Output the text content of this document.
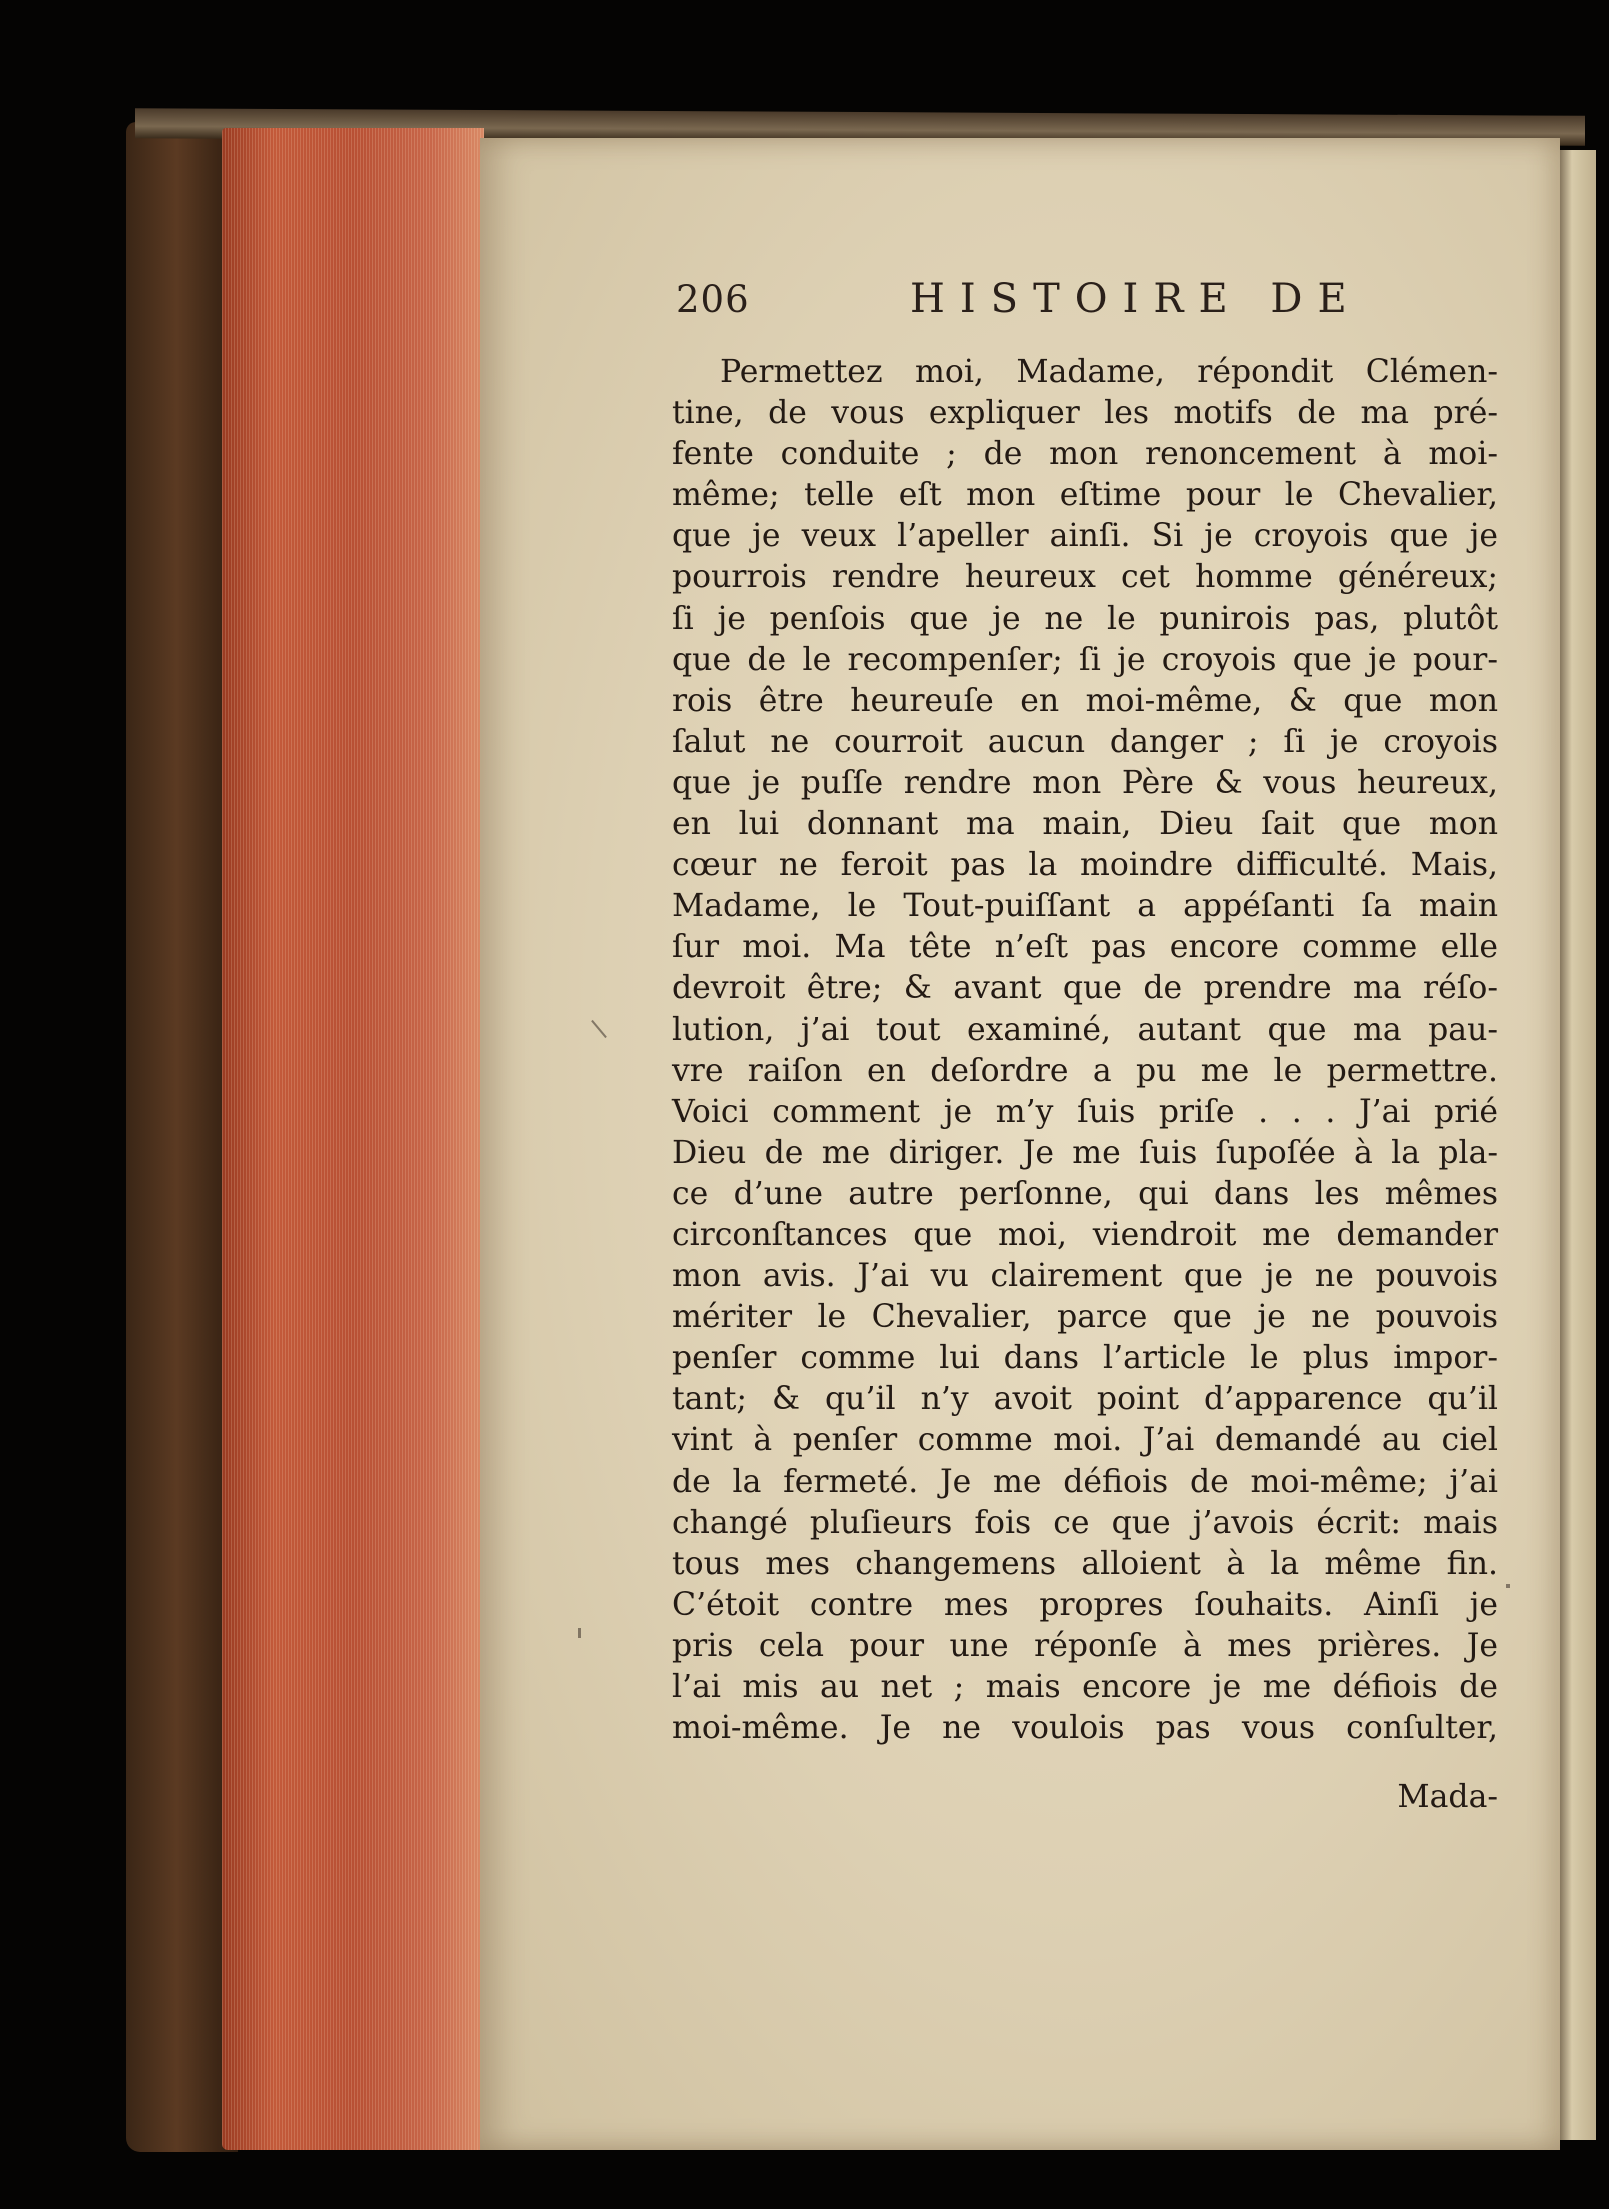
206	HISTOIRE DE
Permettez moi, Madame, répondit Clémen-
tine, de vous expliquer les motifs de ma pré-
fente conduite ; de mon renoncement à moi-
même; telle eſt mon eſtime pour le Chevalier,
que je veux l’apeller ainſi. Si je croyois que je
pourrois rendre heureux cet homme généreux;
ſi je penſois que je ne le punirois pas, plutôt
que de le recompenſer; ſi je croyois que je pour-
rois être heureuſe en moi-même, & que mon
ſalut ne courroit aucun danger ; ſi je croyois
que je puſſe rendre mon Père & vous heureux,
en lui donnant ma main, Dieu ſait que mon
cœur ne feroit pas la moindre difficulté. Mais,
Madame, le Tout-puiſſant a appéſanti ſa main
ſur moi. Ma tête n’eſt pas encore comme elle
devroit être; & avant que de prendre ma réſo-
lution, j’ai tout examiné, autant que ma pau-
vre raiſon en deſordre a pu me le permettre.
Voici comment je m’y ſuis priſe . . . J’ai prié
Dieu de me diriger. Je me ſuis ſupoſée à la pla-
ce d’une autre perſonne, qui dans les mêmes
circonſtances que moi, viendroit me demander
mon avis. J’ai vu clairement que je ne pouvois
mériter le Chevalier, parce que je ne pouvois
penſer comme lui dans l’article le plus impor-
tant; & qu’il n’y avoit point d’apparence qu’il
vint à penſer comme moi. J’ai demandé au ciel
de la fermeté. Je me défiois de moi-même; j’ai
changé pluſieurs fois ce que j’avois écrit: mais
tous mes changemens alloient à la même fin.
C’étoit contre mes propres ſouhaits. Ainſi je
pris cela pour une réponſe à mes prières. Je
l’ai mis au net ; mais encore je me défiois de
moi-même. Je ne voulois pas vous conſulter,
Mada-
